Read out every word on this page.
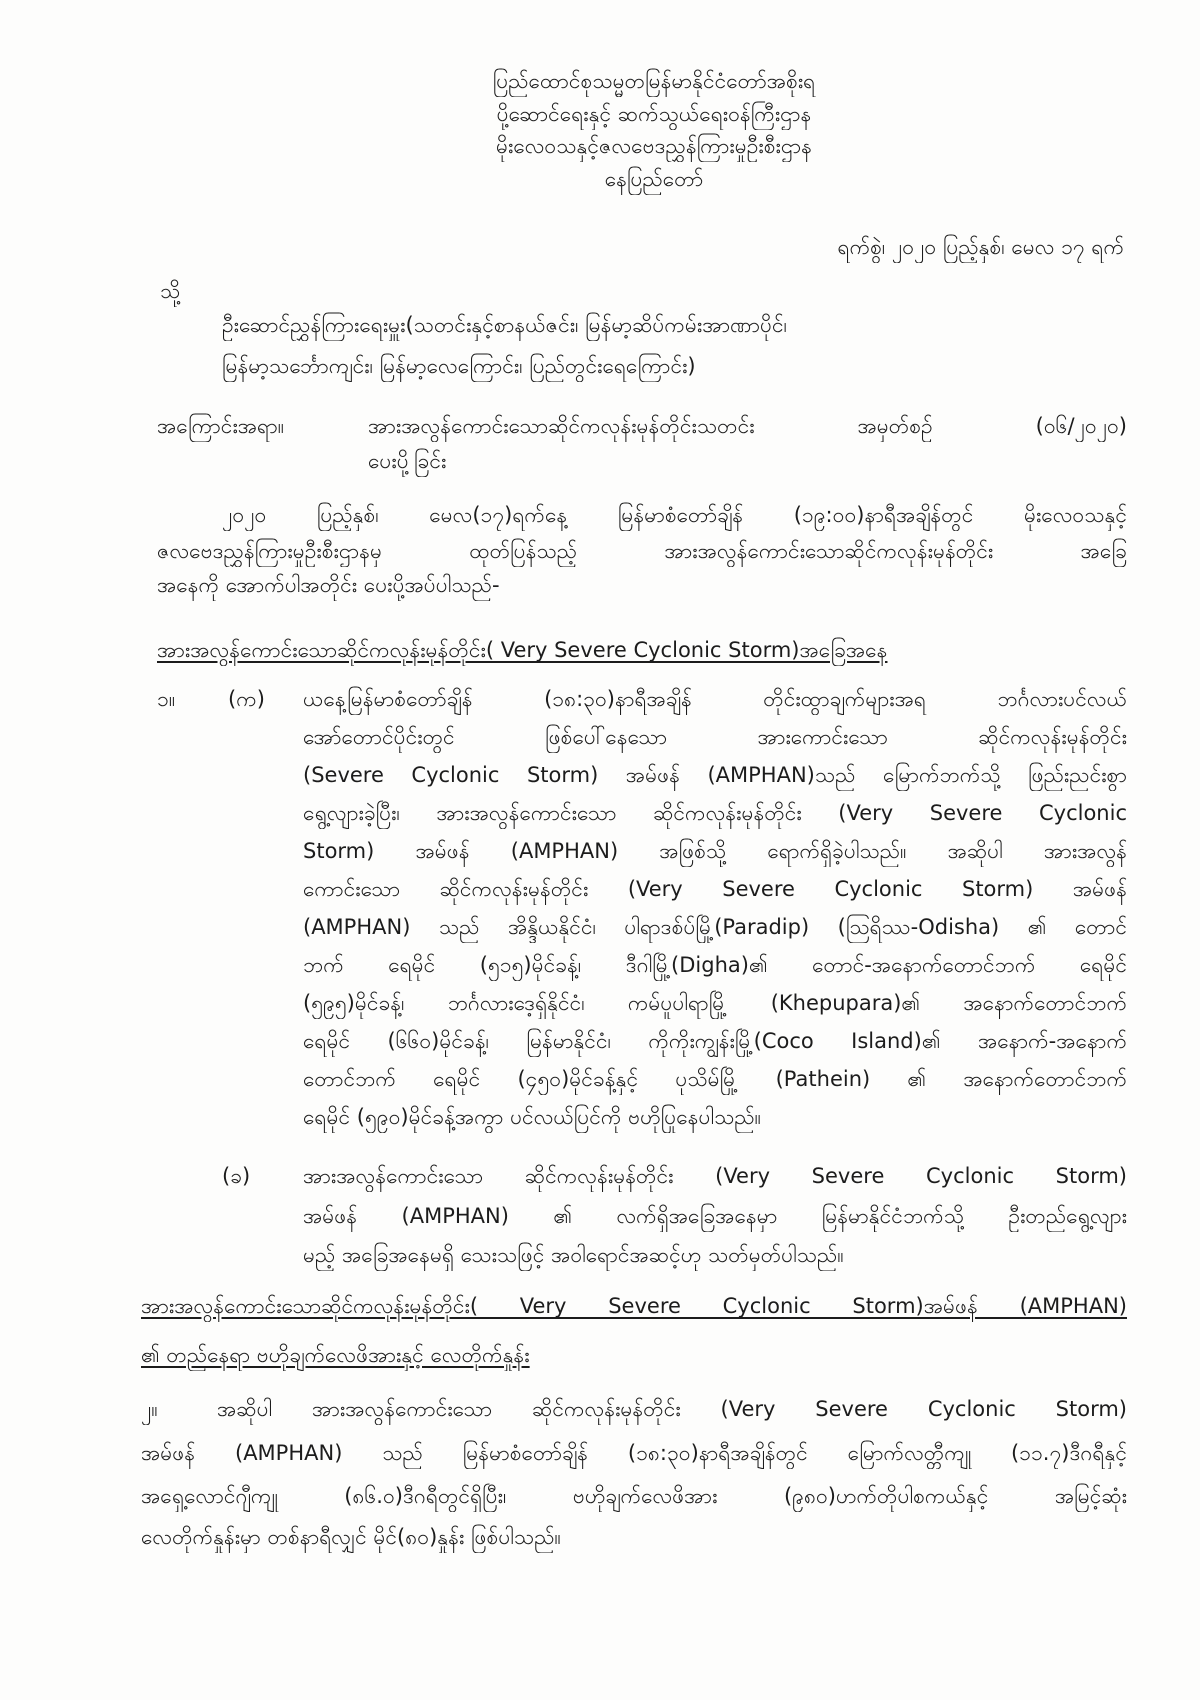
ပြည်ထောင်စုသမ္မတမြန်မာနိုင်ငံတော်အစိုးရ
ပို့ဆောင်ရေးနှင့် ဆက်သွယ်ရေးဝန်ကြီးဌာန
မိုးလေဝသနှင့်ဇလဗေဒညွှန်ကြားမှုဦးစီးဌာန
နေပြည်တော်
ရက်စွဲ၊ ၂၀၂၀ ပြည့်နှစ်၊ မေလ ၁၇ ရက်
သို့
ဦးဆောင်ညွှန်ကြားရေးမှူး(သတင်းနှင့်စာနယ်ဇင်း၊ မြန်မာ့ဆိပ်ကမ်းအာဏာပိုင်၊
မြန်မာ့သင်္ဘောကျင်း၊ မြန်မာ့လေကြောင်း၊ ပြည်တွင်းရေကြောင်း)
အကြောင်းအရာ။	အားအလွန်ကောင်းသောဆိုင်ကလုန်းမုန်တိုင်းသတင်း အမှတ်စဉ် (၀၆/၂၀၂၀)
ပေးပို့ခြင်း
၂၀၂၀ ပြည့်နှစ်၊ မေလ(၁၇)ရက်နေ့ မြန်မာစံတော်ချိန် (၁၉:၀၀)နာရီအချိန်တွင် မိုးလေဝသနှင့်
ဇလဗေဒညွှန်ကြားမှုဦးစီးဌာနမှ ထုတ်ပြန်သည့် အားအလွန်ကောင်းသောဆိုင်ကလုန်းမုန်တိုင်း အခြေ
အနေကို အောက်ပါအတိုင်း ပေးပို့အပ်ပါသည်-
အားအလွန်ကောင်းသောဆိုင်ကလုန်းမုန်တိုင်း( Very Severe Cyclonic Storm)အခြေအနေ
၁။	(က)	ယနေ့မြန်မာစံတော်ချိန် (၁၈:၃၀)နာရီအချိန် တိုင်းထွာချက်များအရ ဘင်္ဂလားပင်လယ်
အော်တောင်ပိုင်းတွင် ဖြစ်ပေါ်နေသော အားကောင်းသော ဆိုင်ကလုန်းမုန်တိုင်း
(Severe Cyclonic Storm) အမ်ဖန် (AMPHAN)သည် မြောက်ဘက်သို့ ဖြည်းညင်းစွာ
ရွေ့လျားခဲ့ပြီး၊ အားအလွန်ကောင်းသော ဆိုင်ကလုန်းမုန်တိုင်း (Very Severe Cyclonic
Storm) အမ်ဖန် (AMPHAN) အဖြစ်သို့ ရောက်ရှိခဲ့ပါသည်။ အဆိုပါ အားအလွန်
ကောင်းသော ဆိုင်ကလုန်းမုန်တိုင်း (Very Severe Cyclonic Storm) အမ်ဖန်
(AMPHAN) သည် အိန္ဒိယနိုင်ငံ၊ ပါရာဒစ်ပ်မြို့(Paradip) (ဩရိဿ-Odisha) ၏ တောင်
ဘက် ရေမိုင် (၅၁၅)မိုင်ခန့်၊ ဒီဂါမြို့(Digha)၏ တောင်-အနောက်တောင်ဘက် ရေမိုင်
(၅၉၅)မိုင်ခန့်၊ ဘင်္ဂလားဒေ့ရှ်နိုင်ငံ၊ ကမ်ပူပါရာမြို့ (Khepupara)၏ အနောက်တောင်ဘက်
ရေမိုင် (၆၆၀)မိုင်ခန့်၊ မြန်မာနိုင်ငံ၊ ကိုကိုးကျွန်းမြို့(Coco Island)၏ အနောက်-အနောက်
တောင်ဘက် ရေမိုင် (၄၅၀)မိုင်ခန့်နှင့် ပုသိမ်မြို့ (Pathein) ၏ အနောက်တောင်ဘက်
ရေမိုင် (၅၉၀)မိုင်ခန့်အကွာ ပင်လယ်ပြင်ကို ဗဟိုပြုနေပါသည်။
(ခ)	အားအလွန်ကောင်းသော ဆိုင်ကလုန်းမုန်တိုင်း (Very Severe Cyclonic Storm)
အမ်ဖန် (AMPHAN) ၏ လက်ရှိအခြေအနေမှာ မြန်မာနိုင်ငံဘက်သို့ ဦးတည်ရွေ့လျား
မည့် အခြေအနေမရှိ သေးသဖြင့် အဝါရောင်အဆင့်ဟု သတ်မှတ်ပါသည်။
အားအလွန်ကောင်းသောဆိုင်ကလုန်းမုန်တိုင်း( Very Severe Cyclonic Storm)အမ်ဖန် (AMPHAN)
၏ တည်နေရာ ဗဟိုချက်လေဖိအားနှင့် လေတိုက်နှုန်း
၂။	အဆိုပါ အားအလွန်ကောင်းသော ဆိုင်ကလုန်းမုန်တိုင်း (Very Severe Cyclonic Storm)
အမ်ဖန် (AMPHAN) သည် မြန်မာစံတော်ချိန် (၁၈:၃၀)နာရီအချိန်တွင် မြောက်လတ္တီကျု (၁၁.၇)ဒီဂရီနှင့်
အရှေ့လောင်ဂျီကျု (၈၆.၀)ဒီဂရီတွင်ရှိပြီး၊ ဗဟိုချက်လေဖိအား (၉၈၀)ဟက်တိုပါစကယ်နှင့် အမြင့်ဆုံး
လေတိုက်နှုန်းမှာ တစ်နာရီလျှင် မိုင်(၈၀)နှုန်း ဖြစ်ပါသည်။
